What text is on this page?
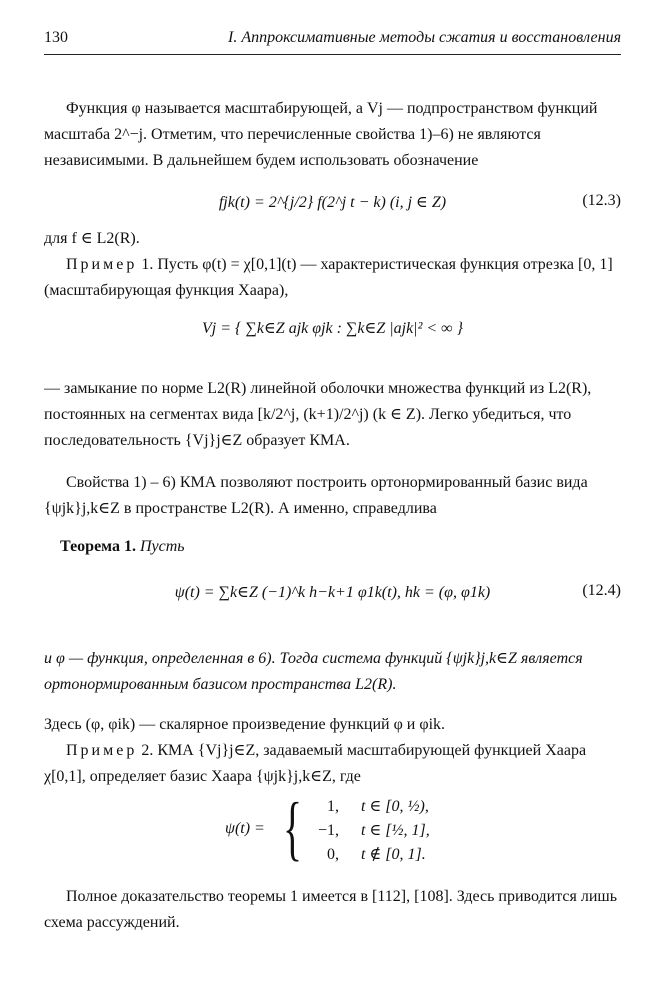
130	I. Аппроксимативные методы сжатия и восстановления

Функция φ называется масштабирующей, а Vj — подпространством функций масштаба 2^−j. Отметим, что перечисленные свойства 1)–6) не являются независимыми. В дальнейшем будем использовать обозначение

fjk(t) = 2^{j/2} f(2^j t − k) (i, j ∈ Z)	(12.3)

для f ∈ L2(R).

Пример 1. Пусть φ(t) = χ[0,1](t) — характеристическая функция отрезка [0, 1] (масштабирующая функция Хаара),

Vj = { ∑k∈Z ajk φjk : ∑k∈Z |ajk|² < ∞ }

— замыкание по норме L2(R) линейной оболочки множества функций из L2(R), постоянных на сегментах вида [k/2^j, (k+1)/2^j) (k ∈ Z). Легко убедиться, что последовательность {Vj}j∈Z образует КМА.

Свойства 1) – 6) КМА позволяют построить ортонормированный базис вида {ψjk}j,k∈Z в пространстве L2(R). А именно, справедлива

Теорема 1. Пусть
ψ(t) = ∑k∈Z (−1)^k h−k+1 φ1k(t), hk = (φ, φ1k)	(12.4)

и φ — функция, определенная в 6). Тогда система функций {ψjk}j,k∈Z является ортонормированным базисом пространства L2(R).

Здесь (φ, φik) — скалярное произведение функций φ и φik.

Пример 2. КМА {Vj}j∈Z, задаваемый масштабирующей функцией Хаара χ[0,1], определяет базис Хаара {ψjk}j,k∈Z, где

ψ(t) = {	1, t ∈ [0, ½),
−1, t ∈ [½, 1],
0, t ∉ [0, 1].

Полное доказательство теоремы 1 имеется в [112], [108]. Здесь приводится лишь схема рассуждений.
